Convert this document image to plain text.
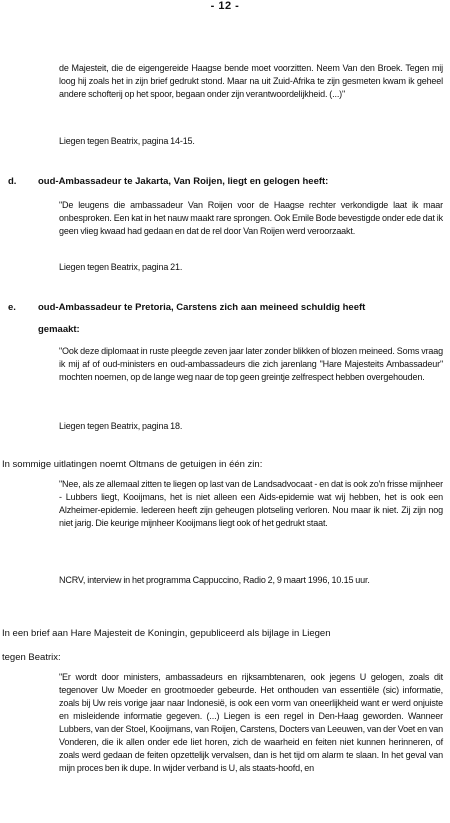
- 12 -
de Majesteit, die de eigengereide Haagse bende moet voorzitten. Neem Van den Broek. Tegen mij loog hij zoals het in zijn brief gedrukt stond. Maar na uit Zuid-Afrika te zijn gesmeten kwam ik geheel andere schofterij op het spoor, begaan onder zijn verantwoordelijkheid. (...)"
Liegen tegen Beatrix, pagina 14-15.
d. oud-Ambassadeur te Jakarta, Van Roijen, liegt en gelogen heeft:
"De leugens die ambassadeur Van Roijen voor de Haagse rechter verkondigde laat ik maar onbesproken. Een kat in het nauw maakt rare sprongen. Ook Emile Bode bevestigde onder ede dat ik geen vlieg kwaad had gedaan en dat de rel door Van Roijen werd veroorzaakt.
Liegen tegen Beatrix, pagina 21.
e. oud-Ambassadeur te Pretoria, Carstens zich aan meineed schuldig heeft
gemaakt:
"Ook deze diplomaat in ruste pleegde zeven jaar later zonder blikken of blozen meineed. Soms vraag ik mij af of oud-ministers en oud-ambassadeurs die zich jarenlang "Hare Majesteits Ambassadeur" mochten noemen, op de lange weg naar de top geen greintje zelfrespect hebben overgehouden.
Liegen tegen Beatrix, pagina 18.
In sommige uitlatingen noemt Oltmans de getuigen in één zin:
"Nee, als ze allemaal zitten te liegen op last van de Landsadvocaat - en dat is ook zo'n frisse mijnheer - Lubbers liegt, Kooijmans, het is niet alleen een Aids-epidemie wat wij hebben, het is ook een Alzheimer-epidemie. Iedereen heeft zijn geheugen plotseling verloren. Nou maar ik niet. Zij zijn nog niet jarig. Die keurige mijnheer Kooijmans liegt ook of het gedrukt staat.
NCRV, interview in het programma Cappuccino, Radio 2, 9 maart 1996, 10.15 uur.
In een brief aan Hare Majesteit de Koningin, gepubliceerd als bijlage in Liegen
tegen Beatrix:
"Er wordt door ministers, ambassadeurs en rijksambtenaren, ook jegens U gelogen, zoals dit tegenover Uw Moeder en grootmoeder gebeurde. Het onthouden van essentiële (sic) informatie, zoals bij Uw reis vorige jaar naar Indonesië, is ook een vorm van oneerlijkheid want er werd onjuiste en misleidende informatie gegeven. (...) Liegen is een regel in Den-Haag geworden. Wanneer Lubbers, van der Stoel, Kooijmans, van Roijen, Carstens, Docters van Leeuwen, van der Voet en van Vonderen, die ik allen onder ede liet horen, zich de waarheid en feiten niet kunnen herinneren, of zoals werd gedaan de feiten opzettelijk vervalsen, dan is het tijd om alarm te slaan. In het geval van mijn proces ben ik dupe. In wijder verband is U, als staats-hoofd, en
